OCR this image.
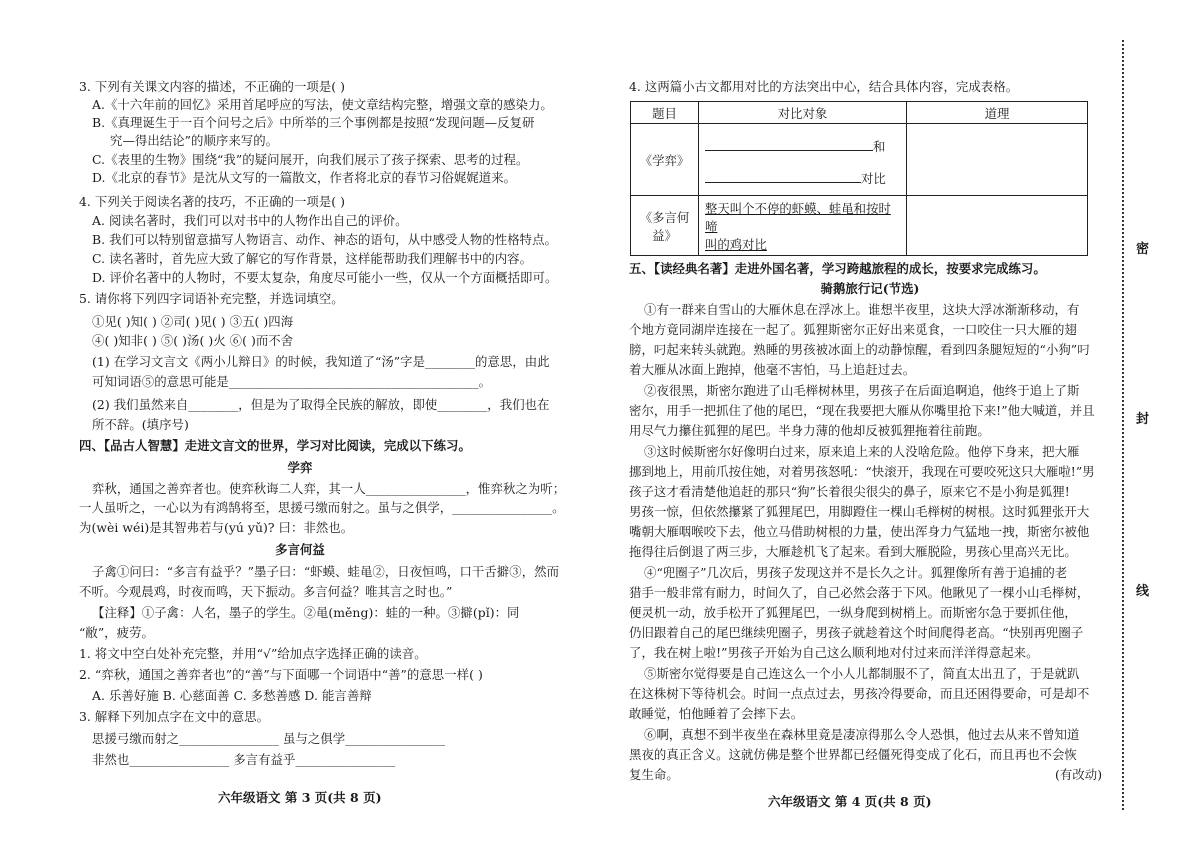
3. 下列有关课文内容的描述，不正确的一项是( )
A.《十六年前的回忆》采用首尾呼应的写法，使文章结构完整，增强文章的感染力。
B.《真理诞生于一百个问号之后》中所举的三个事例都是按照“发现问题—反复研
究—得出结论”的顺序来写的。
C.《表里的生物》围绕“我”的疑问展开，向我们展示了孩子探索、思考的过程。
D.《北京的春节》是沈从文写的一篇散文，作者将北京的春节习俗娓娓道来。
4. 下列关于阅读名著的技巧，不正确的一项是( )
A. 阅读名著时，我们可以对书中的人物作出自己的评价。
B. 我们可以特别留意描写人物语言、动作、神态的语句，从中感受人物的性格特点。
C. 读名著时，首先应大致了解它的写作背景，这样能帮助我们理解书中的内容。
D. 评价名著中的人物时，不要太复杂，角度尽可能小一些，仅从一个方面概括即可。
5. 请你将下列四字词语补充完整，并选词填空。
①见( )知( ) ②司( )见( ) ③五( )四海
④( )知非( ) ⑤( )汤( )火 ⑥( )而不舍
(1) 在学习文言文《两小儿辩日》的时候，我知道了“汤”字是________的意思，由此
可知词语⑤的意思可能是________________________________________。
(2) 我们虽然来自________，但是为了取得全民族的解放，即使________，我们也在
所不辞。(填序号)
四、【品古人智慧】走进文言文的世界，学习对比阅读，完成以下练习。
学弈
弈秋，通国之善弈者也。使弈秋诲二人弈，其一人________________，惟弈秋之为听；
一人虽听之，一心以为有鸿鹄将至，思援弓缴而射之。虽与之俱学，________________。
为(wèi wéi)是其智弗若与(yú yǔ)? 曰：非然也。
多言何益
子禽①问曰：“多言有益乎？”墨子曰：“虾蟆、蛙黾②，日夜恒鸣，口干舌擗③，然而
不听。今观晨鸡，时夜而鸣，天下振动。多言何益？唯其言之时也。”
【注释】①子禽：人名，墨子的学生。②黾(měng)：蛙的一种。③擗(pǐ)：同
“敝”，疲劳。
1. 将文中空白处补充完整，并用“√”给加点字选择正确的读音。
2. “弈秋，通国之善弈者也”的“善”与下面哪一个词语中“善”的意思一样( )
A. 乐善好施 B. 心慈面善 C. 多愁善感 D. 能言善辩
3. 解释下列加点字在文中的意思。
思援弓缴而射之________________ 虽与之俱学________________
非然也________________ 多言有益乎________________
六年级语文 第 3 页(共 8 页)
4. 这两篇小古文都用对比的方法突出中心，结合具体内容，完成表格。
题目	对比对象	道理
《学弈》	和
对比	

《多言何益》	整天叫个不停的虾蟆、蛙黾和按时啼
叫的鸡对比	

五、【读经典名著】走进外国名著，学习跨越旅程的成长，按要求完成练习。
骑鹅旅行记(节选)
①有一群来自雪山的大雁休息在浮冰上。谁想半夜里，这块大浮冰渐渐移动，有
个地方竟同湖岸连接在一起了。狐狸斯密尔正好出来觅食，一口咬住一只大雁的翅
膀，叼起来转头就跑。熟睡的男孩被冰面上的动静惊醒，看到四条腿短短的“小狗”叼
着大雁从冰面上跑掉，他毫不害怕，马上追赶过去。
②夜很黑，斯密尔跑进了山毛榉树林里，男孩子在后面追啊追，他终于追上了斯
密尔，用手一把抓住了他的尾巴，“现在我要把大雁从你嘴里抢下来!”他大喊道，并且
用尽气力攥住狐狸的尾巴。半身力薄的他却反被狐狸拖着往前跑。
③这时候斯密尔好像明白过来，原来追上来的人没啥危险。他停下身来，把大雁
挪到地上，用前爪按住她，对着男孩怒吼：“快滚开，我现在可要咬死这只大雁啦!”男
孩子这才看清楚他追赶的那只“狗”长着很尖很尖的鼻子，原来它不是小狗是狐狸!
男孩一惊，但依然攥紧了狐狸尾巴，用脚蹬住一棵山毛榉树的树根。这时狐狸张开大
嘴朝大雁咽喉咬下去，他立马借助树根的力量，使出浑身力气猛地一拽，斯密尔被他
拖得往后倒退了两三步，大雁趁机飞了起来。看到大雁脱险，男孩心里高兴无比。
④“兜圈子”几次后，男孩子发现这并不是长久之计。狐狸像所有善于追捕的老
猎手一般非常有耐力，时间久了，自己必然会落于下风。他瞅见了一棵小山毛榉树，
便灵机一动，放手松开了狐狸尾巴，一纵身爬到树梢上。而斯密尔急于要抓住他，
仍旧跟着自己的尾巴继续兜圈子，男孩子就趁着这个时间爬得老高。“快别再兜圈子
了，我在树上啦!”男孩子开始为自己这么顺利地对付过来而洋洋得意起来。
⑤斯密尔觉得要是自己连这么一个小人儿都制服不了，简直太出丑了，于是就趴
在这株树下等待机会。时间一点点过去，男孩冷得要命，而且还困得要命，可是却不
敢睡觉，怕他睡着了会摔下去。
⑥啊，真想不到半夜坐在森林里竟是凄凉得那么令人恐惧，他过去从来不曾知道
黑夜的真正含义。这就仿佛是整个世界都已经僵死得变成了化石，而且再也不会恢
复生命。	(有改动)
六年级语文 第 4 页(共 8 页)
密
封
线
